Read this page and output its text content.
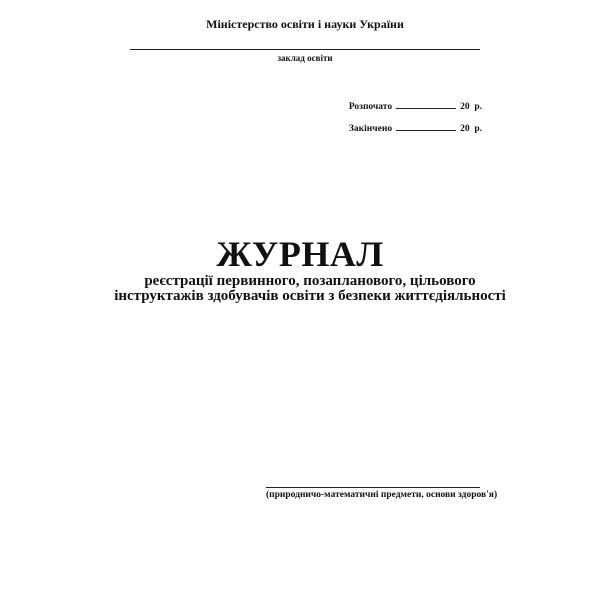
Міністерство освіти і науки України
заклад освіти
Розпочато	20 р.
Закінчено	20 р.
ЖУРНАЛ
реєстрації первинного, позапланового, цільового
інструктажів здобувачів освіти з безпеки життєдіяльності
(природничо-математичні предмети, основи здоров'я)
